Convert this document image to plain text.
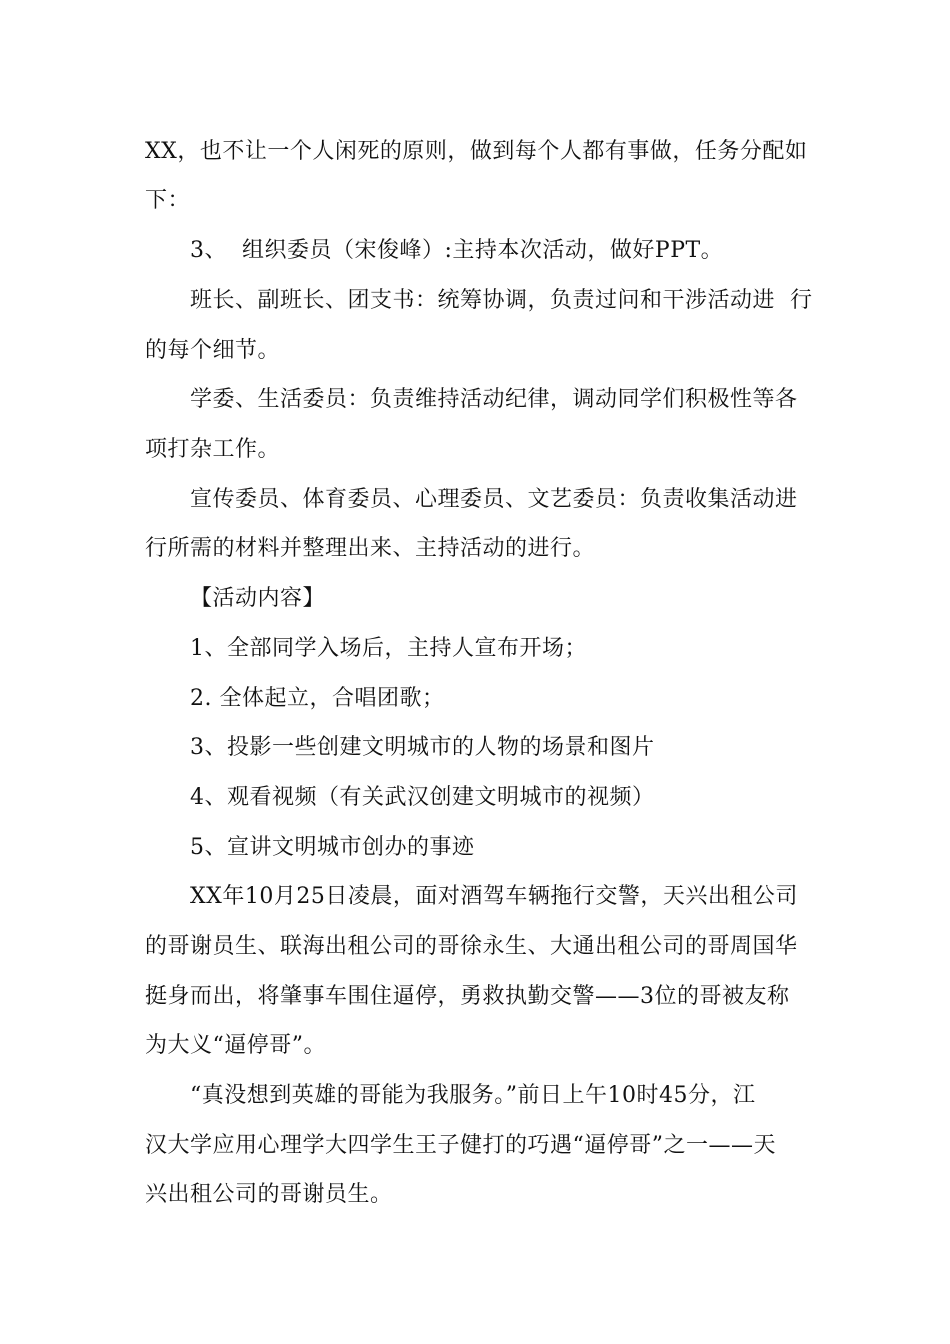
XX，也不让一个人闲死的原则，做到每个人都有事做，任务分配如
下：
3、  组织委员（宋俊峰）:主持本次活动，做好PPT。
班长、副班长、团支书：统筹协调，负责过问和干涉活动进  行
的每个细节。
学委、生活委员：负责维持活动纪律，调动同学们积极性等各
项打杂工作。
宣传委员、体育委员、心理委员、文艺委员：负责收集活动进
行所需的材料并整理出来、主持活动的进行。
【活动内容】
1、全部同学入场后，主持人宣布开场；
2. 全体起立，合唱团歌；
3、投影一些创建文明城市的人物的场景和图片
4、观看视频（有关武汉创建文明城市的视频）
5、宣讲文明城市创办的事迹
XX年10月25日凌晨，面对酒驾车辆拖行交警，天兴出租公司
的哥谢员生、联海出租公司的哥徐永生、大通出租公司的哥周国华
挺身而出，将肇事车围住逼停，勇救执勤交警——3位的哥被友称
为大义“逼停哥”。
“真没想到英雄的哥能为我服务。”前日上午10时45分，江
汉大学应用心理学大四学生王子健打的巧遇“逼停哥”之一——天
兴出租公司的哥谢员生。
